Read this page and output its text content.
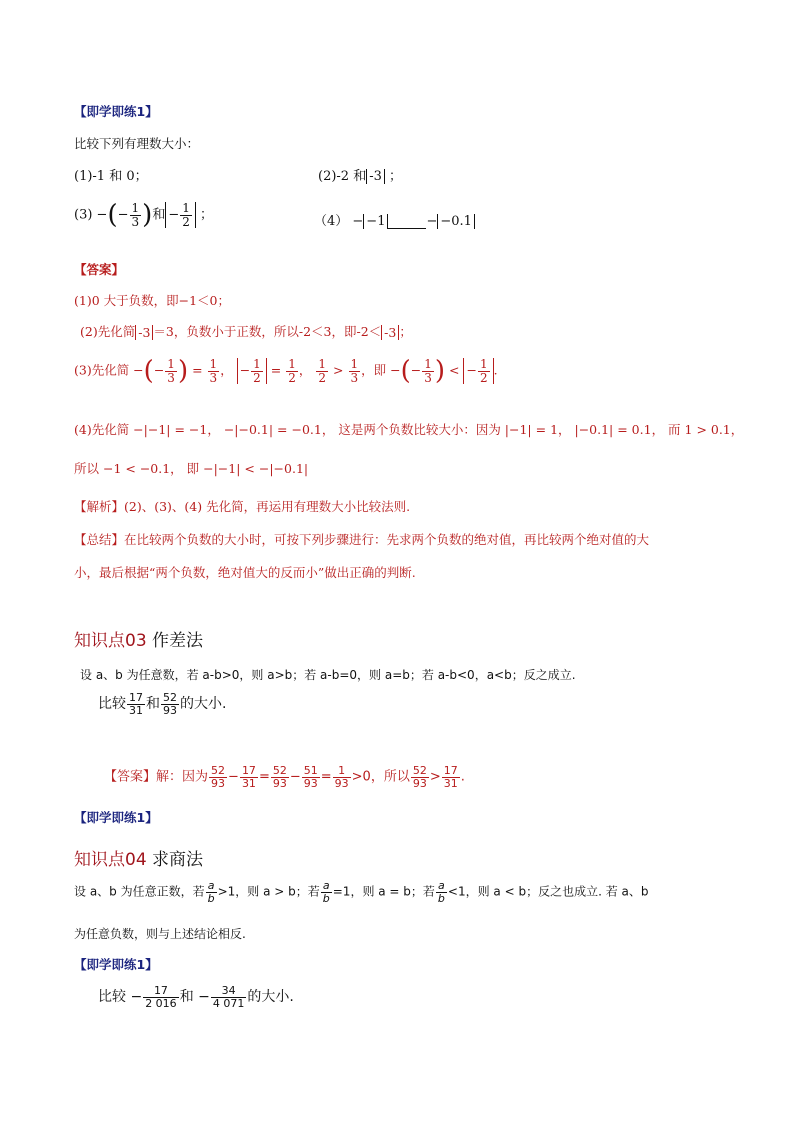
【即学即练1】
比较下列有理数大小：
(1)-1 和 0；	(2)-2 和 -3 ；
(3) −(− $\frac{1}{3}$ )和 − $\frac{1}{2}$ ；	（4） − −1	− −0.1
【答案】
(1)0 大于负数，即−1＜0；
(2)先化简 -3 ＝3，负数小于正数，所以-2＜3，即-2＜ -3 ；
(3)先化简 −(− $\frac{1}{3}$ ) = $\frac{1}{3}$ ， − $\frac{1}{2} = \frac{1}{2}$ ， $\frac{1}{2} > \frac{1}{3}$ ，即 −(− $\frac{1}{3}$ ) < − $\frac{1}{2}$ .
(4)先化简 −|−1| = −1， −|−0.1| = −0.1， 这是两个负数比较大小：因为 |−1| = 1， |−0.1| = 0.1， 而 1 > 0.1，
所以 −1 < −0.1， 即 −|−1| < −|−0.1|
【解析】(2)、(3)、(4) 先化简，再运用有理数大小比较法则.
【总结】在比较两个负数的大小时，可按下列步骤进行：先求两个负数的绝对值，再比较两个绝对值的大
小，最后根据“两个负数，绝对值大的反而小”做出正确的判断.
知识点03 作差法
设 a、b 为任意数，若 a-b>0，则 a>b；若 a-b=0，则 a=b；若 a-b<0，a<b；反之成立.
比较 $\frac{17}{31}$ 和 $\frac{52}{93}$ 的大小.
【答案】解：因为 $\frac{52}{93} - \frac{17}{31} = \frac{52}{93} - \frac{51}{93} = \frac{1}{93} >0$，所以 $\frac{52}{93} > \frac{17}{31}$ .
【即学即练1】
知识点04 求商法
设 a、b 为任意正数，若 $\frac{a}{b} >1$，则 a > b；若 $\frac{a}{b} =1$，则 a = b；若 $\frac{a}{b} <1$，则 a < b；反之也成立. 若 a、b
为任意负数，则与上述结论相反.
【即学即练1】
比较 − $\frac{17}{2 016}$ 和 − $\frac{34}{4 071}$ 的大小.
